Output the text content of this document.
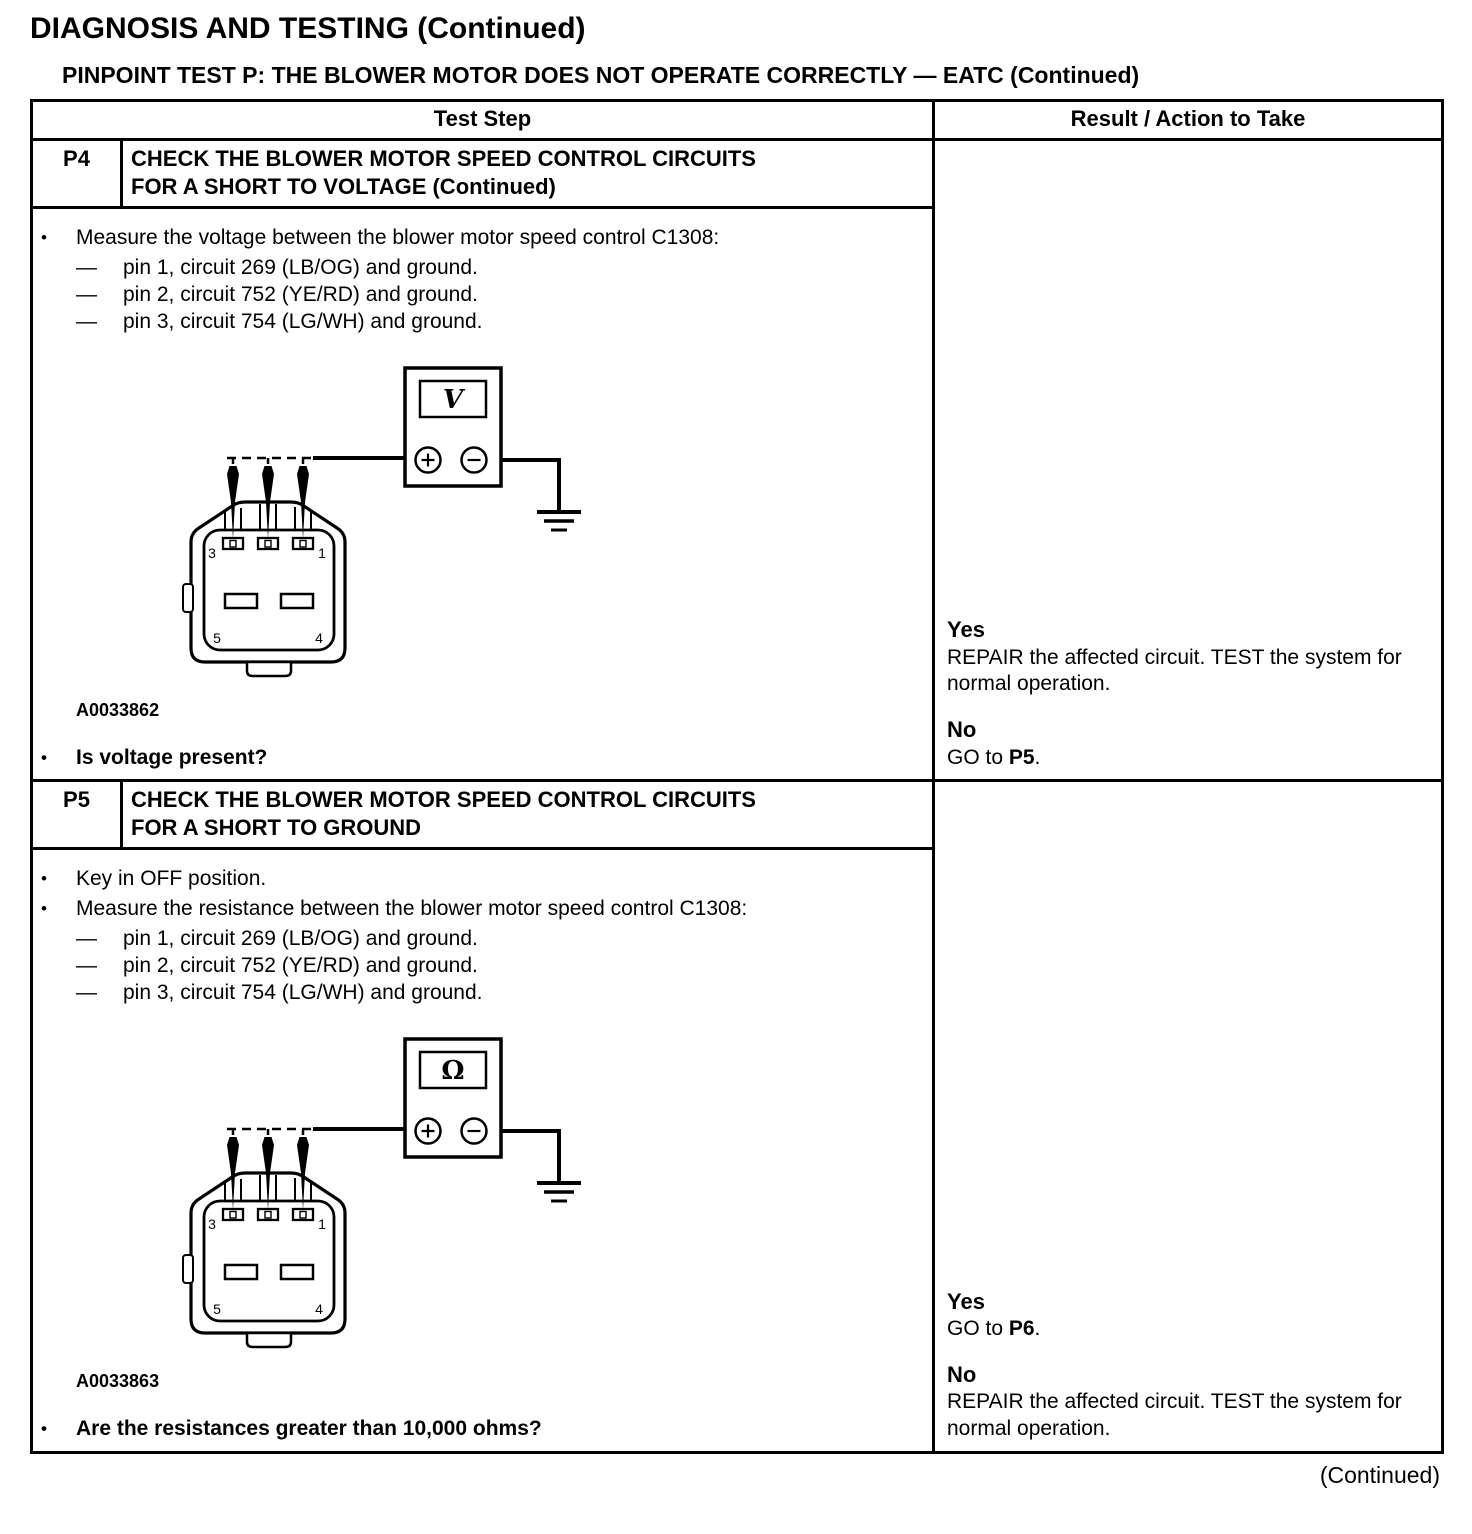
DIAGNOSIS AND TESTING (Continued)
PINPOINT TEST P: THE BLOWER MOTOR DOES NOT OPERATE CORRECTLY — EATC (Continued)
Test Step	Result / Action to Take
P4	CHECK THE BLOWER MOTOR SPEED CONTROL CIRCUITS
FOR A SHORT TO VOLTAGE (Continued)
•	Measure the voltage between the blower motor speed control C1308:
—	pin 1, circuit 269 (LB/OG) and ground.
—	pin 2, circuit 752 (YE/RD) and ground.
—	pin 3, circuit 754 (LG/WH) and ground.
V
3	1
5	4
A0033862
•	Is voltage present?
Yes
REPAIR the affected circuit. TEST the system for normal operation.
No
GO to P5.
P5	CHECK THE BLOWER MOTOR SPEED CONTROL CIRCUITS
FOR A SHORT TO GROUND
•	Key in OFF position.
•	Measure the resistance between the blower motor speed control C1308:
—	pin 1, circuit 269 (LB/OG) and ground.
—	pin 2, circuit 752 (YE/RD) and ground.
—	pin 3, circuit 754 (LG/WH) and ground.
Ω
3	1
5	4
A0033863
•	Are the resistances greater than 10,000 ohms?
Yes
GO to P6.
No
REPAIR the affected circuit. TEST the system for normal operation.
(Continued)
